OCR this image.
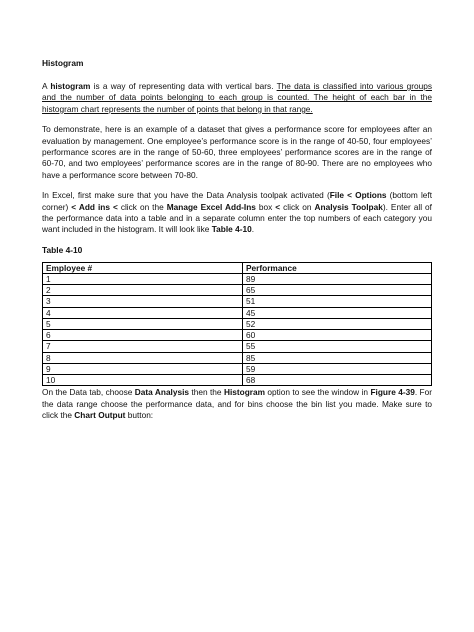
Histogram

A histogram is a way of representing data with vertical bars. The data is classified into various groups and the number of data points belonging to each group is counted. The height of each bar in the histogram chart represents the number of points that belong in that range.

To demonstrate, here is an example of a dataset that gives a performance score for employees after an evaluation by management. One employee’s performance score is in the range of 40-50, four employees’ performance scores are in the range of 50-60, three employees’ performance scores are in the range of 60-70, and two employees’ performance scores are in the range of 80-90. There are no employees who have a performance score between 70-80.

In Excel, first make sure that you have the Data Analysis toolpak activated (File < Options (bottom left corner) < Add ins < click on the Manage Excel Add-Ins box < click on Analysis Toolpak). Enter all of the performance data into a table and in a separate column enter the top numbers of each category you want included in the histogram. It will look like Table 4-10.

Table 4-10
Employee #	Performance
1	89
2	65
3	51
4	45
5	52
6	60
7	55
8	85
9	59
10	68

On the Data tab, choose Data Analysis then the Histogram option to see the window in Figure 4-39. For the data range choose the performance data, and for bins choose the bin list you made. Make sure to click the Chart Output button:
